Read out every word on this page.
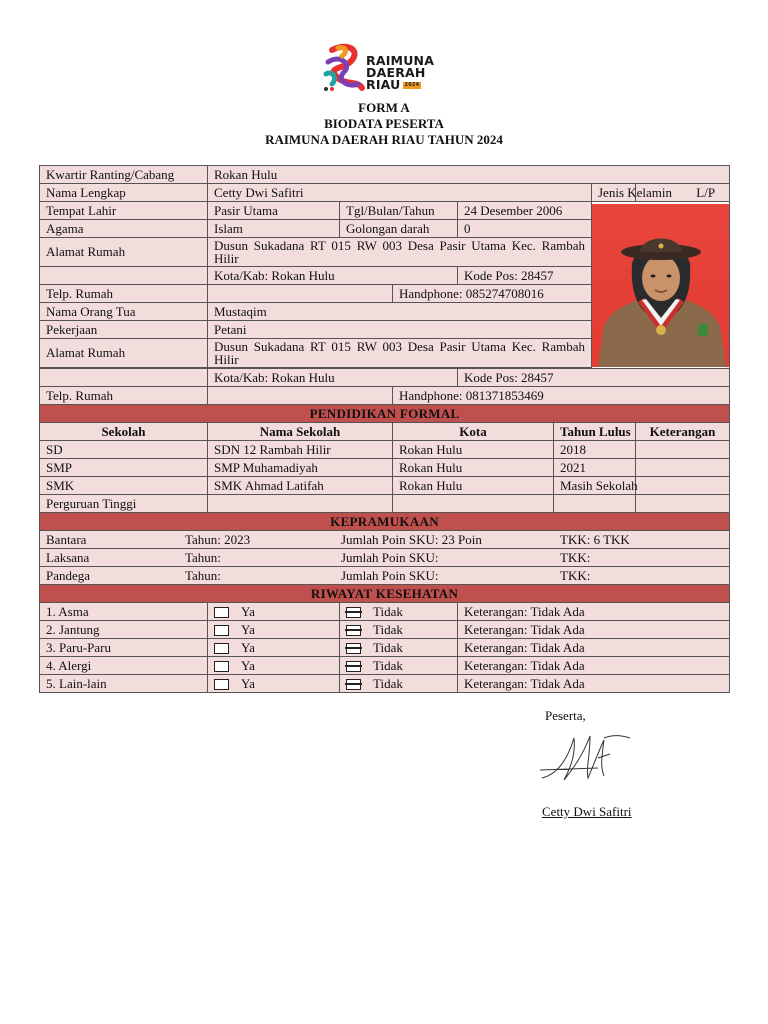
RAIMUNA
DAERAH
RIAU 2024
FORM A
BIODATA PESERTA
RAIMUNA DAERAH RIAU TAHUN 2024
Kwartir Ranting/Cabang	Rokan Hulu						
Nama Lengkap	Cetty Dwi Safitri					Jenis Kelamin	L/P
Tempat Lahir	Pasir Utama	Tgl/Bulan/Tahun		24 Desember 2006	

Agama	Islam	Golongan darah		0			
Alamat Rumah	Dusun Sukadana RT 015 RW 003 Desa Pasir Utama Kec. Rambah Hilir						
	Kota/Kab: Rokan Hulu			Kode Pos: 28457			
Telp. Rumah			Handphone: 085274708016				
Nama Orang Tua	Mustaqim						
Pekerjaan	Petani						
Alamat Rumah	Dusun Sukadana RT 015 RW 003 Desa Pasir Utama Kec. Rambah Hilir						

	Kota/Kab: Rokan Hulu			Kode Pos: 28457			
Telp. Rumah			Handphone: 081371853469				
PENDIDIKAN FORMAL							
Sekolah	Nama Sekolah		Kota		Tahun Lulus		Keterangan
SD	SDN 12 Rambah Hilir		Rokan Hulu		2018		
SMP	SMP Muhamadiyah		Rokan Hulu		2021		
SMK	SMK Ahmad Latifah		Rokan Hulu		Masih Sekolah		
Perguruan Tinggi							
KEPRAMUKAAN							

Bantara Tahun: 2023 Jumlah Poin SKU: 23 Poin TKK: 6 TKK							

Laksana Tahun: Jumlah Poin SKU: TKK:							

Pandega Tahun: Jumlah Poin SKU: TKK:							

RIWAYAT KESEHATAN							
1. Asma	Ya	Tidak		Keterangan: Tidak Ada			
2. Jantung	Ya	Tidak		Keterangan: Tidak Ada			
3. Paru-Paru	Ya	Tidak		Keterangan: Tidak Ada			
4. Alergi	Ya	Tidak		Keterangan: Tidak Ada			
5. Lain-lain	Ya	Tidak		Keterangan: Tidak Ada			
Peserta,
Cetty Dwi Safitri
